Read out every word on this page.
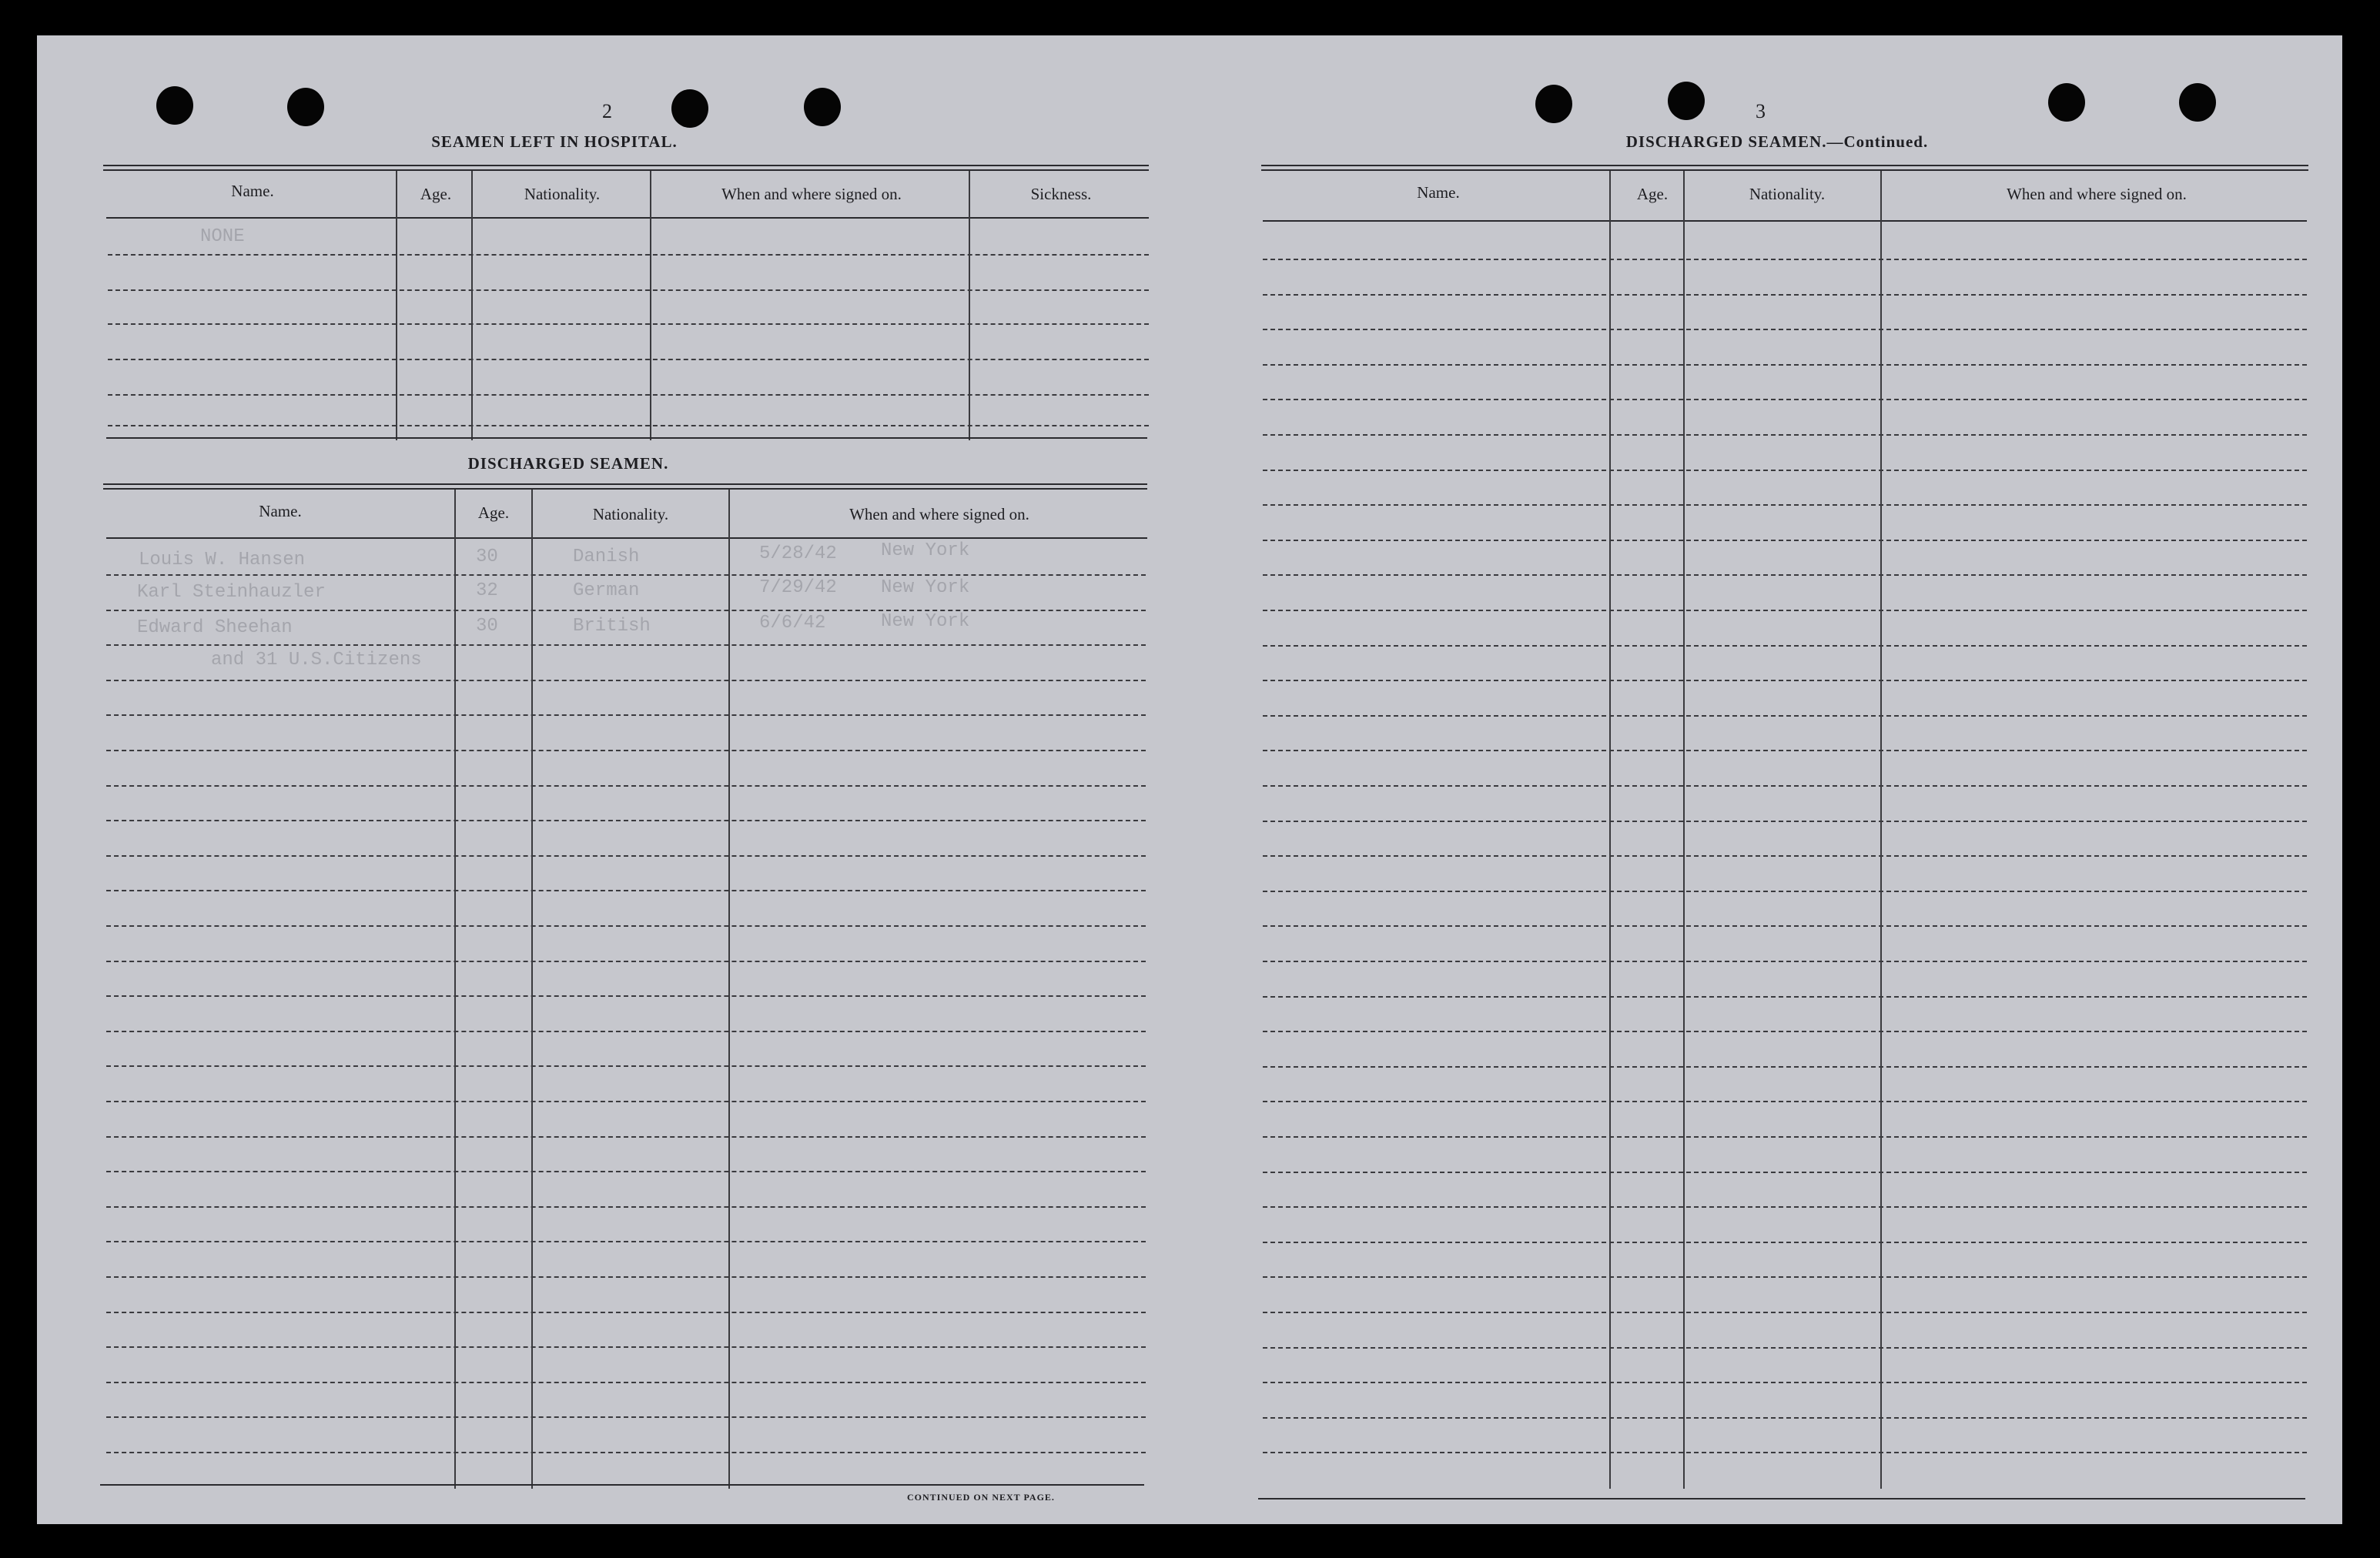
2
SEAMEN LEFT IN HOSPITAL.
Name.	Age.	Nationality.	When and where signed on.	Sickness.
NONE
DISCHARGED SEAMEN.
Name.	Age.	Nationality.	When and where signed on.
Louis W. Hansen	30	Danish	5/28/42 New York
Karl Steinhauzler	32	German	7/29/42 New York
Edward Sheehan	30	British	6/6/42	New York
and 31 U.S.Citizens
CONTINUED ON NEXT PAGE.
3
DISCHARGED SEAMEN.—Continued.
Name.	Age.	Nationality.	When and where signed on.
